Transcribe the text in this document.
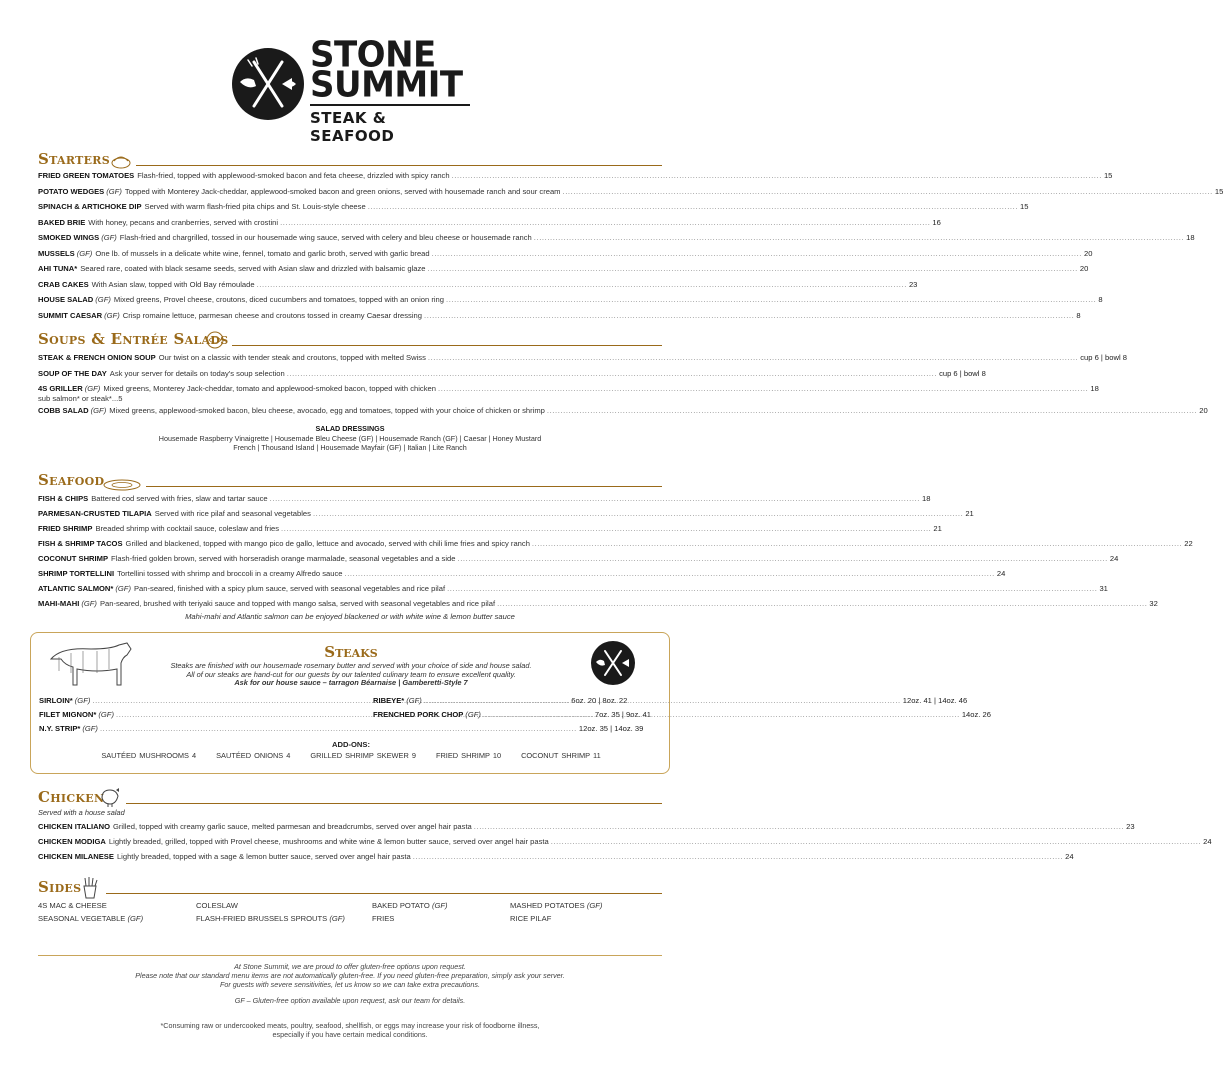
STONE
SUMMIT
STEAK & SEAFOOD
Starters
FRIED GREEN TOMATOES Flash-fried, topped with applewood-smoked bacon and feta cheese, drizzled with spicy ranch .....	15
POTATO WEDGES (GF) Topped with Monterey Jack-cheddar, applewood-smoked bacon and green onions, served with housemade ranch and sour cream .....	15
SPINACH & ARTICHOKE DIP Served with warm flash-fried pita chips and St. Louis-style cheese .....	15
BAKED BRIE With honey, pecans and cranberries, served with crostini .....	16
SMOKED WINGS (GF) Flash-fried and chargrilled, tossed in our housemade wing sauce, served with celery and bleu cheese or housemade ranch .....	18
MUSSELS (GF) One lb. of mussels in a delicate white wine, fennel, tomato and garlic broth, served with garlic bread .....	20
AHI TUNA* Seared rare, coated with black sesame seeds, served with Asian slaw and drizzled with balsamic glaze .....	20
CRAB CAKES With Asian slaw, topped with Old Bay rémoulade .....	23
HOUSE SALAD (GF) Mixed greens, Provel cheese, croutons, diced cucumbers and tomatoes, topped with an onion ring .....	8
SUMMIT CAESAR (GF) Crisp romaine lettuce, parmesan cheese and croutons tossed in creamy Caesar dressing .....	8
Soups & Entrée Salads
STEAK & FRENCH ONION SOUP Our twist on a classic with tender steak and croutons, topped with melted Swiss .....	cup 6 | bowl 8
SOUP OF THE DAY Ask your server for details on today's soup selection .....	cup 6 | bowl 8
4S GRILLER (GF) Mixed greens, Monterey Jack-cheddar, tomato and applewood-smoked bacon, topped with chicken .....	18
sub salmon* or steak*...5
COBB SALAD (GF) Mixed greens, applewood-smoked bacon, bleu cheese, avocado, egg and tomatoes, topped with your choice of chicken or shrimp .....	20
SALAD DRESSINGS
Housemade Raspberry Vinaigrette | Housemade Bleu Cheese (GF) | Housemade Ranch (GF) | Caesar | Honey Mustard
French | Thousand Island | Housemade Mayfair (GF) | Italian | Lite Ranch
Seafood
FISH & CHIPS Battered cod served with fries, slaw and tartar sauce .....	18
PARMESAN-CRUSTED TILAPIA Served with rice pilaf and seasonal vegetables .....	21
FRIED SHRIMP Breaded shrimp with cocktail sauce, coleslaw and fries .....	21
FISH & SHRIMP TACOS Grilled and blackened, topped with mango pico de gallo, lettuce and avocado, served with chili lime fries and spicy ranch .....	22
COCONUT SHRIMP Flash-fried golden brown, served with horseradish orange marmalade, seasonal vegetables and a side .....	24
SHRIMP TORTELLINI Tortellini tossed with shrimp and broccoli in a creamy Alfredo sauce .....	24
ATLANTIC SALMON* (GF) Pan-seared, finished with a spicy plum sauce, served with seasonal vegetables and rice pilaf .....	31
MAHI-MAHI (GF) Pan-seared, brushed with teriyaki sauce and topped with mango salsa, served with seasonal vegetables and rice pilaf .....	32
Mahi-mahi and Atlantic salmon can be enjoyed blackened or with white wine & lemon butter sauce
Steaks
Steaks are finished with our housemade rosemary butter and served with your choice of side and house salad.
All of our steaks are hand-cut for our guests by our talented culinary team to ensure excellent quality.
Ask for our house sauce – tarragon Béarnaise | Gamberetti-Style 7
SIRLOIN* (GF) .....	6oz. 20 | 8oz. 22
FILET MIGNON* (GF) .....	7oz. 35 | 9oz. 41
N.Y. STRIP* (GF) .....	12oz. 35 | 14oz. 39
RIBEYE* (GF) .....	12oz. 41 | 14oz. 46
FRENCHED PORK CHOP (GF) .....	14oz. 26
ADD-ONS:
SAUTÉED MUSHROOMS 4	SAUTÉED ONIONS 4	GRILLED SHRIMP SKEWER 9	FRIED SHRIMP 10	COCONUT SHRIMP 11
Chicken
Served with a house salad
CHICKEN ITALIANO Grilled, topped with creamy garlic sauce, melted parmesan and breadcrumbs, served over angel hair pasta .....	23
CHICKEN MODIGA Lightly breaded, grilled, topped with Provel cheese, mushrooms and white wine & lemon butter sauce, served over angel hair pasta .....	24
CHICKEN MILANESE Lightly breaded, topped with a sage & lemon butter sauce, served over angel hair pasta .....	24
Sides
4S MAC & CHEESE
SEASONAL VEGETABLE (GF)
COLESLAW
FLASH-FRIED BRUSSELS SPROUTS (GF)
BAKED POTATO (GF)
FRIES
MASHED POTATOES (GF)
RICE PILAF
At Stone Summit, we are proud to offer gluten-free options upon request.
Please note that our standard menu items are not automatically gluten-free. If you need gluten-free preparation, simply ask your server.
For guests with severe sensitivities, let us know so we can take extra precautions.
GF – Gluten-free option available upon request, ask our team for details.
*Consuming raw or undercooked meats, poultry, seafood, shellfish, or eggs may increase your risk of foodborne illness,
especially if you have certain medical conditions.
